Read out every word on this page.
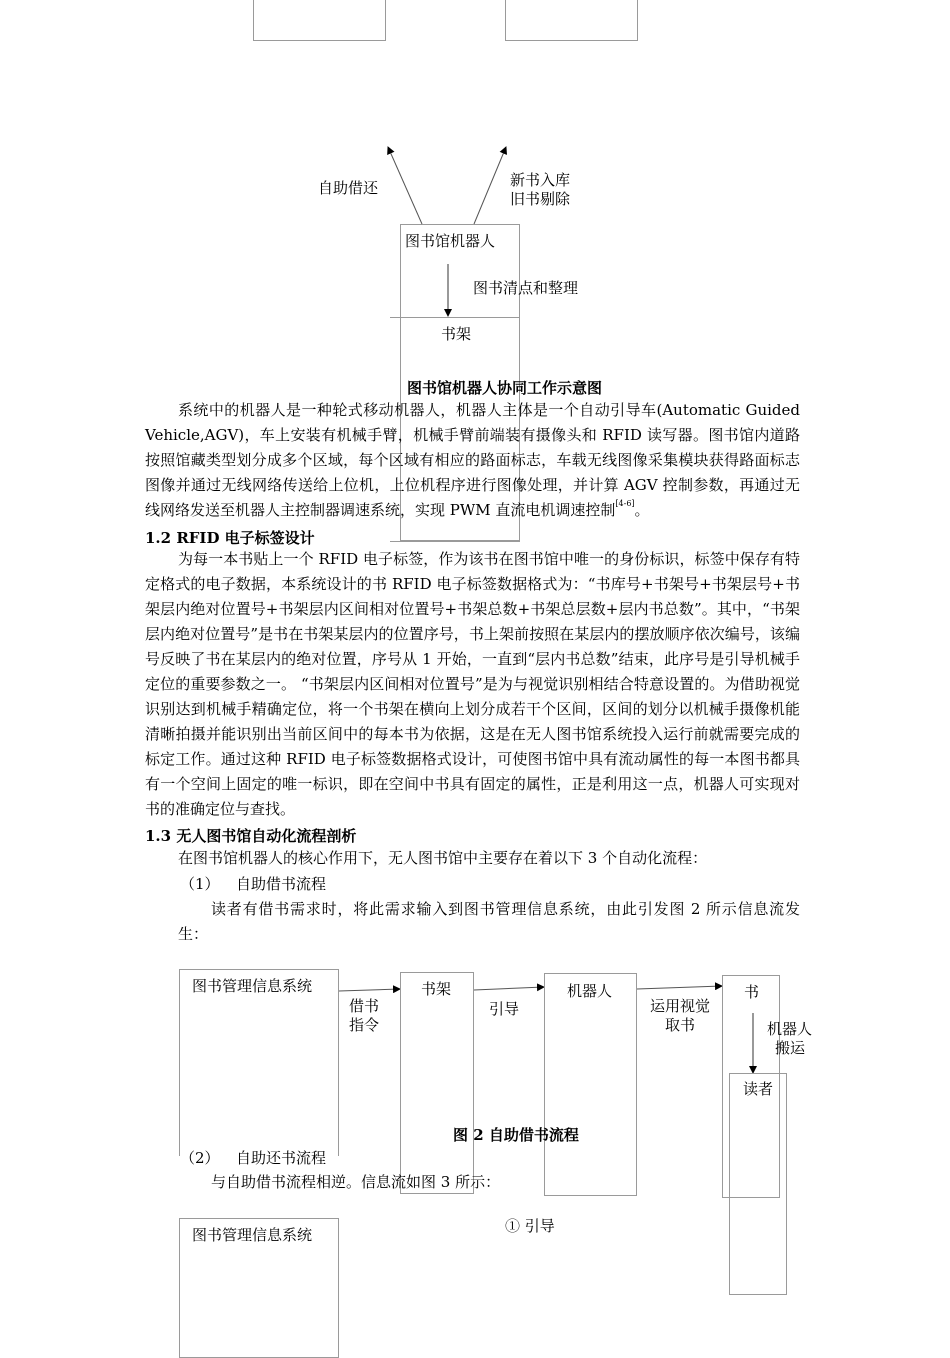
自助借还	新书入库
旧书剔除
图书馆机器人
图书清点和整理
书架
图书馆机器人协同工作示意图

系统中的机器人是一种轮式移动机器人，机器人主体是一个自动引导车(Automatic Guided Vehicle,AGV)，车上安装有机械手臂，机械手臂前端装有摄像头和 RFID 读写器。图书馆内道路按照馆藏类型划分成多个区域，每个区域有相应的路面标志，车载无线图像采集模块获得路面标志图像并通过无线网络传送给上位机，上位机程序进行图像处理，并计算 AGV 控制参数，再通过无线网络发送至机器人主控制器调速系统，实现 PWM 直流电机调速控制[4-6]。

1.2 RFID 电子标签设计

为每一本书贴上一个 RFID 电子标签，作为该书在图书馆中唯一的身份标识，标签中保存有特定格式的电子数据，本系统设计的书 RFID 电子标签数据格式为：“书库号+书架号+书架层号+书架层内绝对位置号+书架层内区间相对位置号+书架总数+书架总层数+层内书总数”。其中，“书架层内绝对位置号”是书在书架某层内的位置序号，书上架前按照在某层内的摆放顺序依次编号，该编号反映了书在某层内的绝对位置，序号从 1 开始，一直到“层内书总数”结束，此序号是引导机械手定位的重要参数之一。 “书架层内区间相对位置号”是为与视觉识别相结合特意设置的。为借助视觉识别达到机械手精确定位，将一个书架在横向上划分成若干个区间，区间的划分以机械手摄像机能清晰拍摄并能识别出当前区间中的每本书为依据，这是在无人图书馆系统投入运行前就需要完成的标定工作。通过这种 RFID 电子标签数据格式设计，可使图书馆中具有流动属性的每一本图书都具有一个空间上固定的唯一标识，即在空间中书具有固定的属性，正是利用这一点，机器人可实现对书的准确定位与查找。

1.3 无人图书馆自动化流程剖析

在图书馆机器人的核心作用下，无人图书馆中主要存在着以下 3 个自动化流程：

（1） 自助借书流程

读者有借书需求时，将此需求输入到图书管理信息系统，由此引发图 2 所示信息流发生：

图书管理信息系统
借书
指令
书架
引导
机器人
运用视觉
取书
书
机器人
搬运
读者
图 2 自助借书流程
（2） 自助还书流程

与自助借书流程相逆。信息流如图 3 所示：

图书管理信息系统	① 引导
